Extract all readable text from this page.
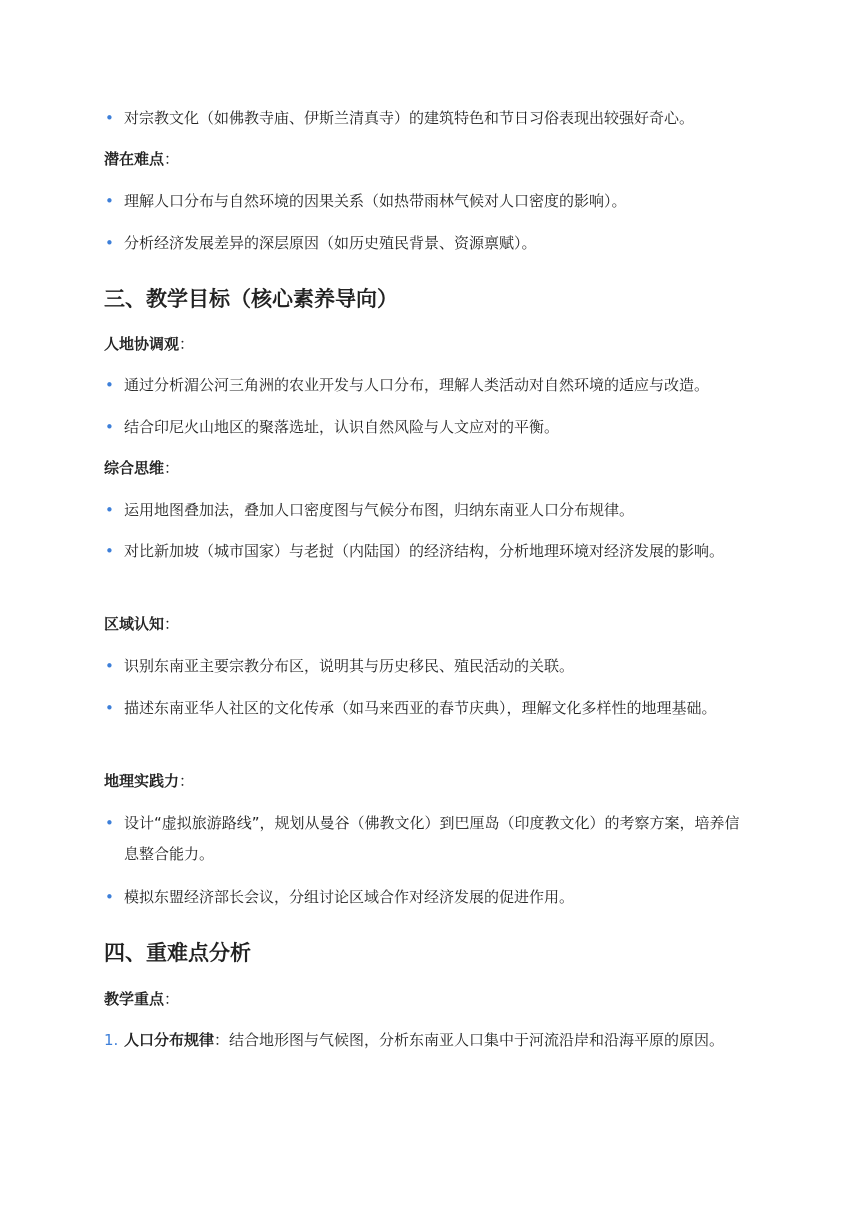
• 对宗教文化（如佛教寺庙、伊斯兰清真寺）的建筑特色和节日习俗表现出较强好奇心。
潜在难点：
• 理解人口分布与自然环境的因果关系（如热带雨林气候对人口密度的影响）。
• 分析经济发展差异的深层原因（如历史殖民背景、资源禀赋）。
三、教学目标（核心素养导向）
人地协调观：
• 通过分析湄公河三角洲的农业开发与人口分布，理解人类活动对自然环境的适应与改造。
• 结合印尼火山地区的聚落选址，认识自然风险与人文应对的平衡。
综合思维：
• 运用地图叠加法，叠加人口密度图与气候分布图，归纳东南亚人口分布规律。
• 对比新加坡（城市国家）与老挝（内陆国）的经济结构，分析地理环境对经济发展的影响。
区域认知：
• 识别东南亚主要宗教分布区，说明其与历史移民、殖民活动的关联。
• 描述东南亚华人社区的文化传承（如马来西亚的春节庆典），理解文化多样性的地理基础。
地理实践力：
• 设计“虚拟旅游路线”，规划从曼谷（佛教文化）到巴厘岛（印度教文化）的考察方案，培养信息整合能力。
• 模拟东盟经济部长会议，分组讨论区域合作对经济发展的促进作用。
四、重难点分析
教学重点：
1. 人口分布规律：结合地形图与气候图，分析东南亚人口集中于河流沿岸和沿海平原的原因。
